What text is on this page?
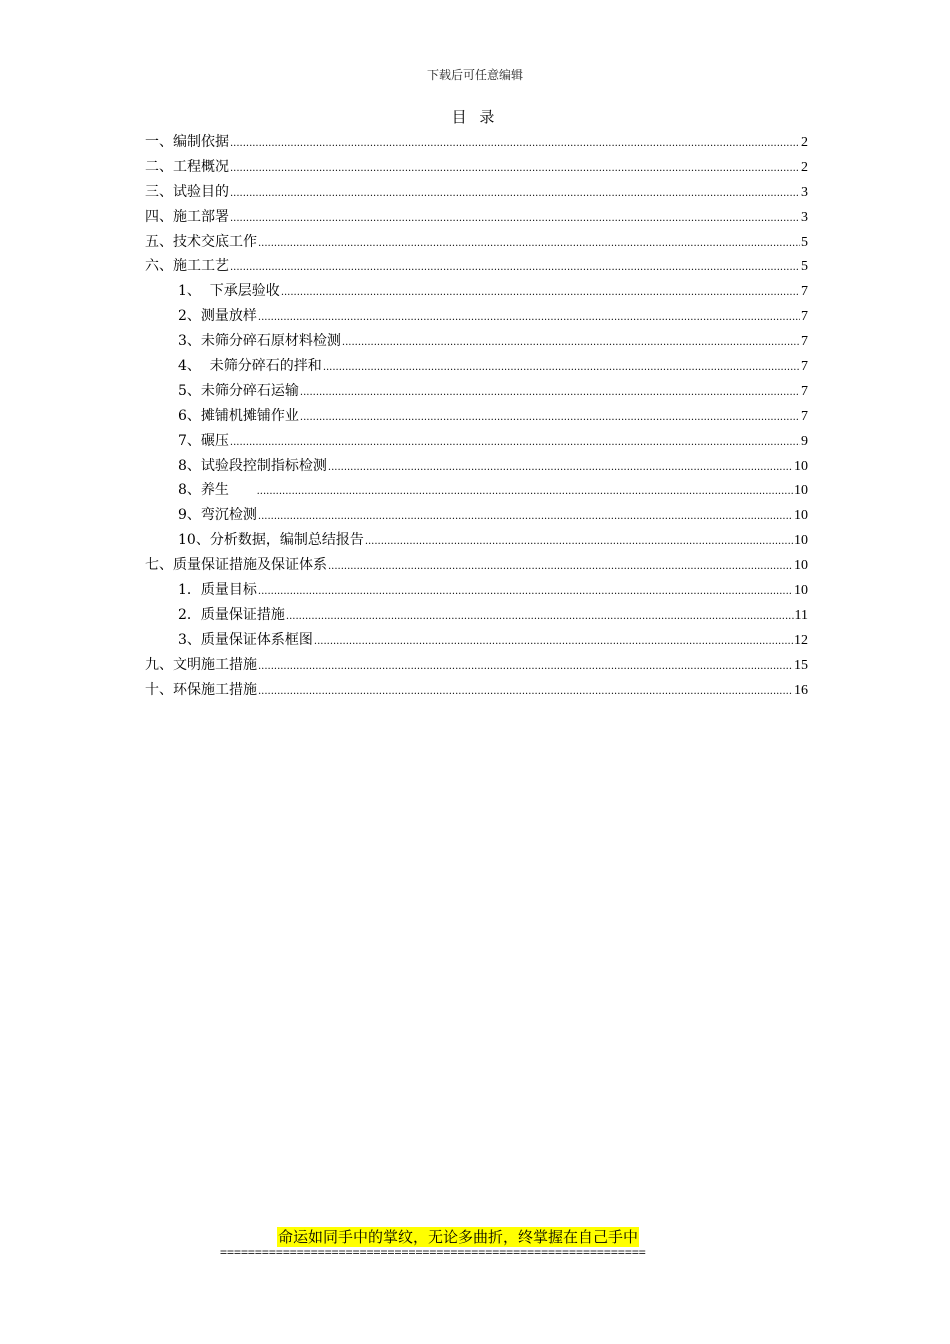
下载后可任意编辑
目 录
一、编制依据 .....	2
二、工程概况 .....	2
三、试验目的 .....	3
四、施工部署 .....	3
五、技术交底工作 .....	5
六、施工工艺 .....	5
1、  下承层验收 .....	7
2、测量放样 .....	7
3、未筛分碎石原材料检测 .....	7
4、  未筛分碎石的拌和 .....	7
5、未筛分碎石运输 .....	7
6、摊铺机摊铺作业 .....	7
7、碾压 .....	9
8、试验段控制指标检测 .....	10
8、养生 .....	10
9、弯沉检测 .....	10
10、分析数据，编制总结报告 .....	10
七、质量保证措施及保证体系 .....	10
1．质量目标 .....	10
2．质量保证措施 .....	11
3、质量保证体系框图 .....	12
九、文明施工措施 .....	15
十、环保施工措施 .....	16
命运如同手中的掌纹，无论多曲折，终掌握在自己手中
=============================================================
